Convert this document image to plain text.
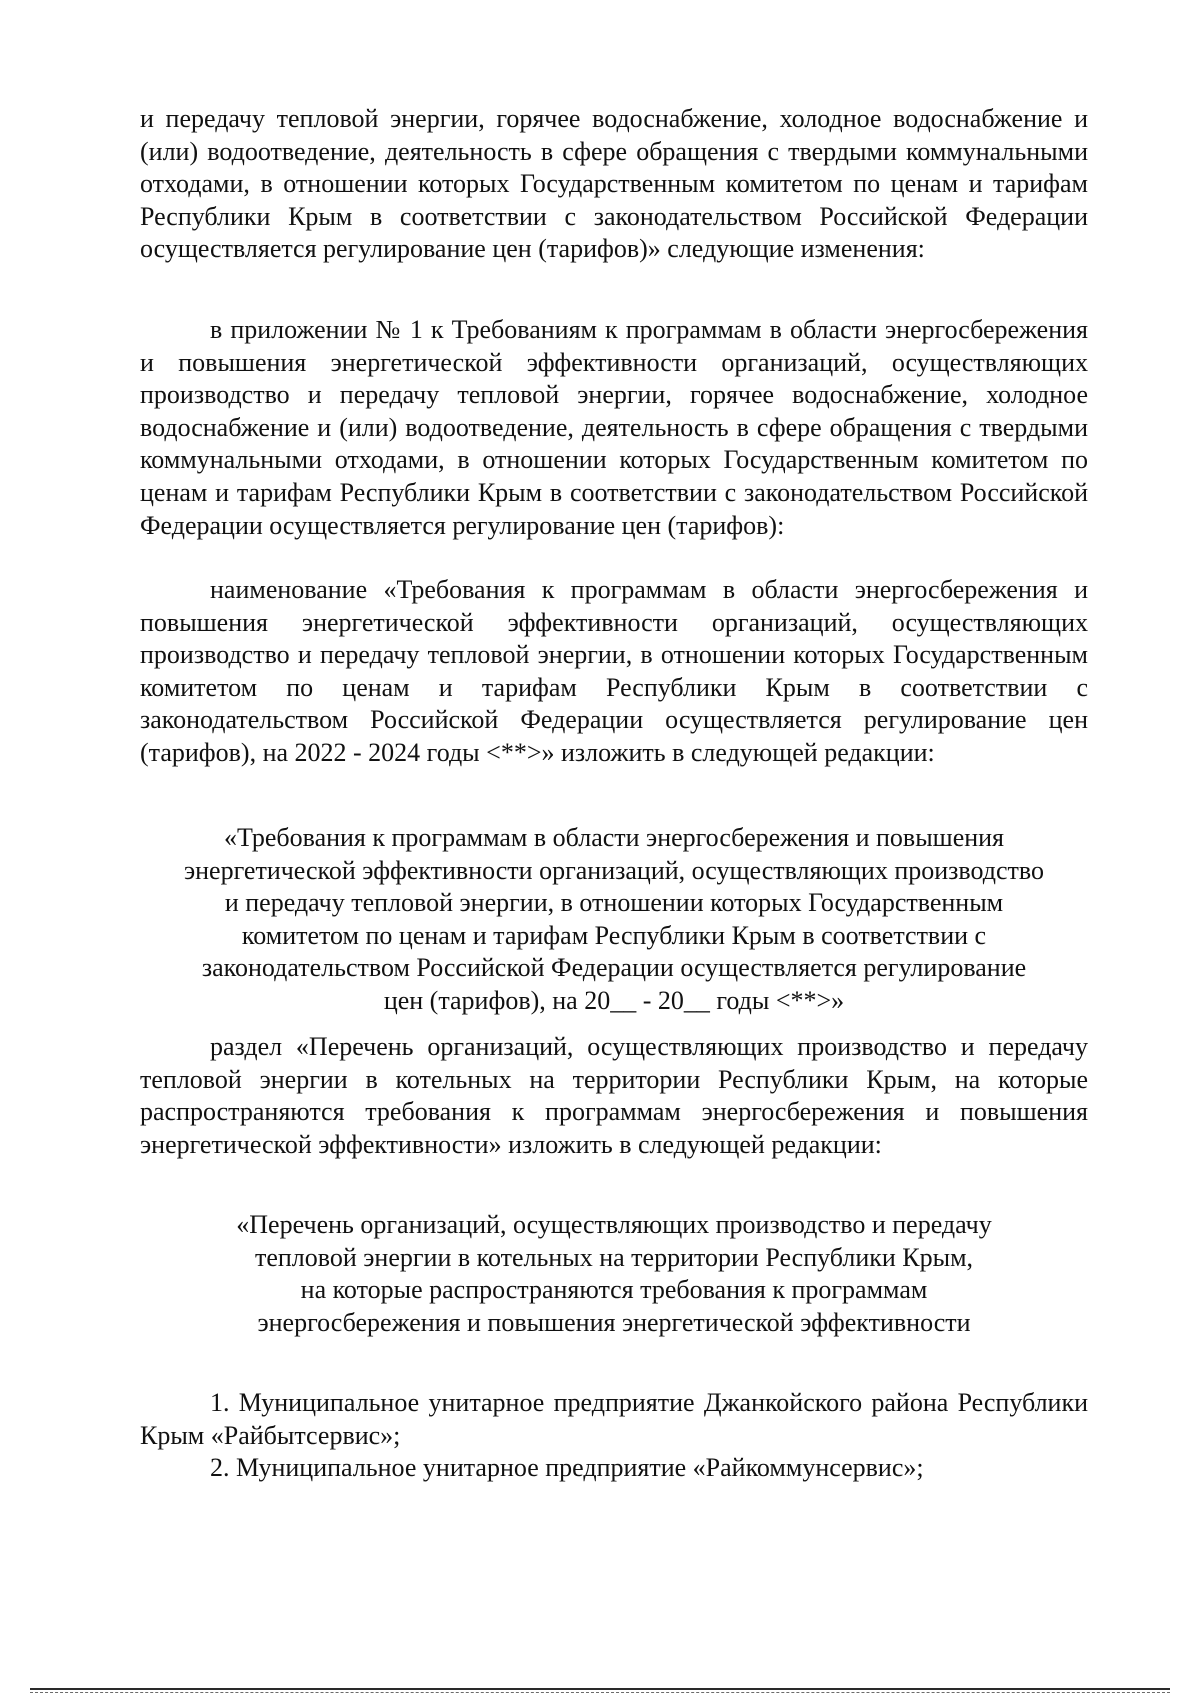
и передачу тепловой энергии, горячее водоснабжение, холодное водоснабжение и (или) водоотведение, деятельность в сфере обращения с твердыми коммунальными отходами, в отношении которых Государственным комитетом по ценам и тарифам Республики Крым в соответствии с законодательством Российской Федерации осуществляется регулирование цен (тарифов)» следующие изменения:

в приложении № 1 к Требованиям к программам в области энергосбережения и повышения энергетической эффективности организаций, осуществляющих производство и передачу тепловой энергии, горячее водоснабжение, холодное водоснабжение и (или) водоотведение, деятельность в сфере обращения с твердыми коммунальными отходами, в отношении которых Государственным комитетом по ценам и тарифам Республики Крым в соответствии с законодательством Российской Федерации осуществляется регулирование цен (тарифов):

наименование «Требования к программам в области энергосбережения и повышения энергетической эффективности организаций, осуществляющих производство и передачу тепловой энергии, в отношении которых Государственным комитетом по ценам и тарифам Республики Крым в соответствии с законодательством Российской Федерации осуществляется регулирование цен (тарифов), на 2022 - 2024 годы <**>» изложить в следующей редакции:

«Требования к программам в области энергосбережения и повышения
энергетической эффективности организаций, осуществляющих производство
и передачу тепловой энергии, в отношении которых Государственным
комитетом по ценам и тарифам Республики Крым в соответствии с
законодательством Российской Федерации осуществляется регулирование
цен (тарифов), на 20__ - 20__ годы <**>»

раздел «Перечень организаций, осуществляющих производство и передачу тепловой энергии в котельных на территории Республики Крым, на которые распространяются требования к программам энергосбережения и повышения энергетической эффективности» изложить в следующей редакции:

«Перечень организаций, осуществляющих производство и передачу
тепловой энергии в котельных на территории Республики Крым,
на которые распространяются требования к программам
энергосбережения и повышения энергетической эффективности

1. Муниципальное унитарное предприятие Джанкойского района Республики Крым «Райбытсервис»;

2. Муниципальное унитарное предприятие «Райкоммунсервис»;
